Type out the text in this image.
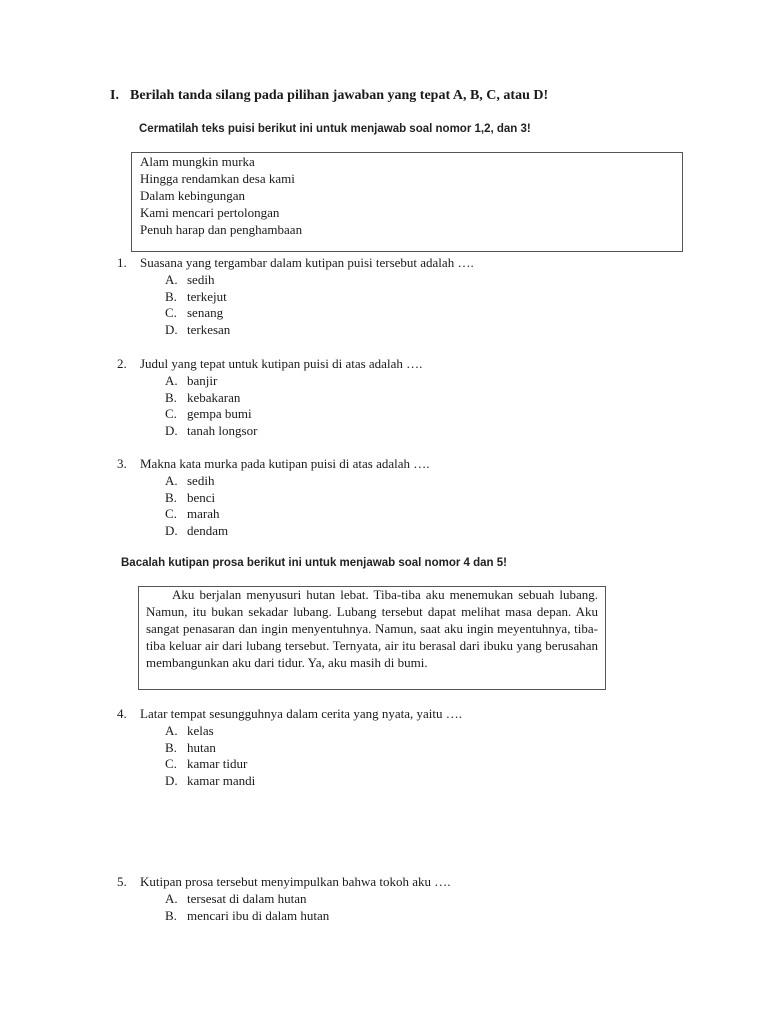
I. Berilah tanda silang pada pilihan jawaban yang tepat A, B, C, atau D!
Cermatilah teks puisi berikut ini untuk menjawab soal nomor 1,2, dan 3!
Alam mungkin murka
Hingga rendamkan desa kami
Dalam kebingungan
Kami mencari pertolongan
Penuh harap dan penghambaan
1. Suasana yang tergambar dalam kutipan puisi tersebut adalah ….
A. sedih
B. terkejut
C. senang
D. terkesan
2. Judul yang tepat untuk kutipan puisi di atas adalah ….
A. banjir
B. kebakaran
C. gempa bumi
D. tanah longsor
3. Makna kata murka pada kutipan puisi di atas adalah ….
A. sedih
B. benci
C. marah
D. dendam
Bacalah kutipan prosa berikut ini untuk menjawab soal nomor 4 dan 5!

Aku berjalan menyusuri hutan lebat. Tiba-tiba aku menemukan sebuah lubang. Namun, itu bukan sekadar lubang. Lubang tersebut dapat melihat masa depan. Aku sangat penasaran dan ingin menyentuhnya. Namun, saat aku ingin meyentuhnya, tiba-tiba keluar air dari lubang tersebut. Ternyata, air itu berasal dari ibuku yang berusahan membangunkan aku dari tidur. Ya, aku masih di bumi.

4. Latar tempat sesungguhnya dalam cerita yang nyata, yaitu ….
A. kelas
B. hutan
C. kamar tidur
D. kamar mandi
5. Kutipan prosa tersebut menyimpulkan bahwa tokoh aku ….
A. tersesat di dalam hutan
B. mencari ibu di dalam hutan
